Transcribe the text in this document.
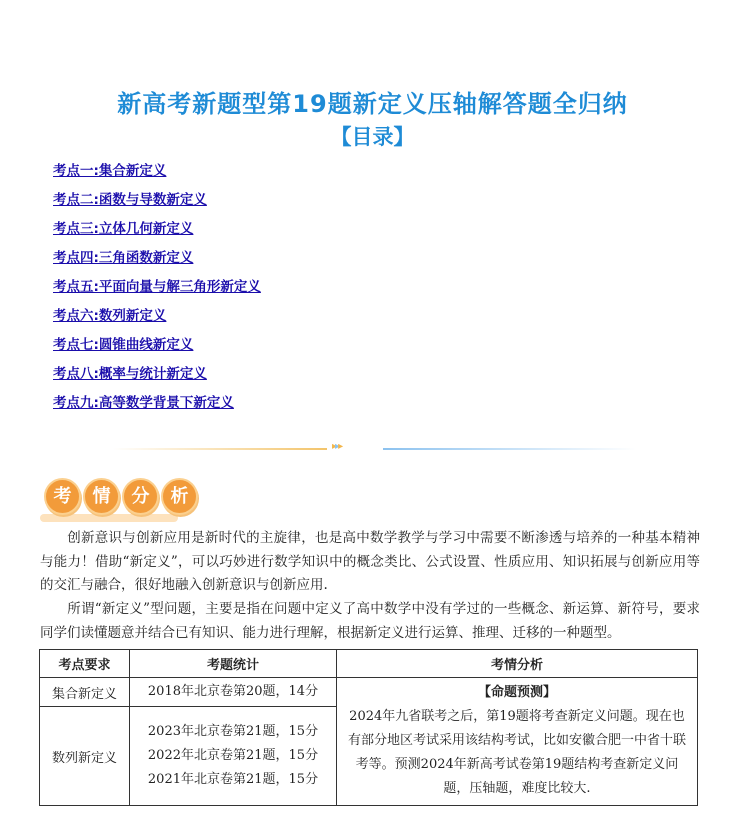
新高考新题型第19题新定义压轴解答题全归纳
【目录】
考点一:集合新定义
考点二:函数与导数新定义
考点三:立体几何新定义
考点四:三角函数新定义
考点五:平面向量与解三角形新定义
考点六:数列新定义
考点七:圆锥曲线新定义
考点八:概率与统计新定义
考点九:高等数学背景下新定义
▸▸▸
考	情	分	析

创新意识与创新应用是新时代的主旋律，也是高中数学教学与学习中需要不断渗透与培养的一种基本精神与能力！借助“新定义”，可以巧妙进行数学知识中的概念类比、公式设置、性质应用、知识拓展与创新应用等的交汇与融合，很好地融入创新意识与创新应用.

所谓“新定义”型问题，主要是指在问题中定义了高中数学中没有学过的一些概念、新运算、新符号，要求同学们读懂题意并结合已有知识、能力进行理解，根据新定义进行运算、推理、迁移的一种题型。

考点要求	考题统计	考情分析
集合新定义	2018年北京卷第20题，14分	【命题预测】
2024年九省联考之后，第19题将考查新定义问题。现在也有部分地区考试采用该结构考试，比如安徽合肥一中省十联考等。预测2024年新高考试卷第19题结构考查新定义问题，压轴题，难度比较大.

数列新定义	2023年北京卷第21题，15分
2022年北京卷第21题，15分
2021年北京卷第21题，15分	
